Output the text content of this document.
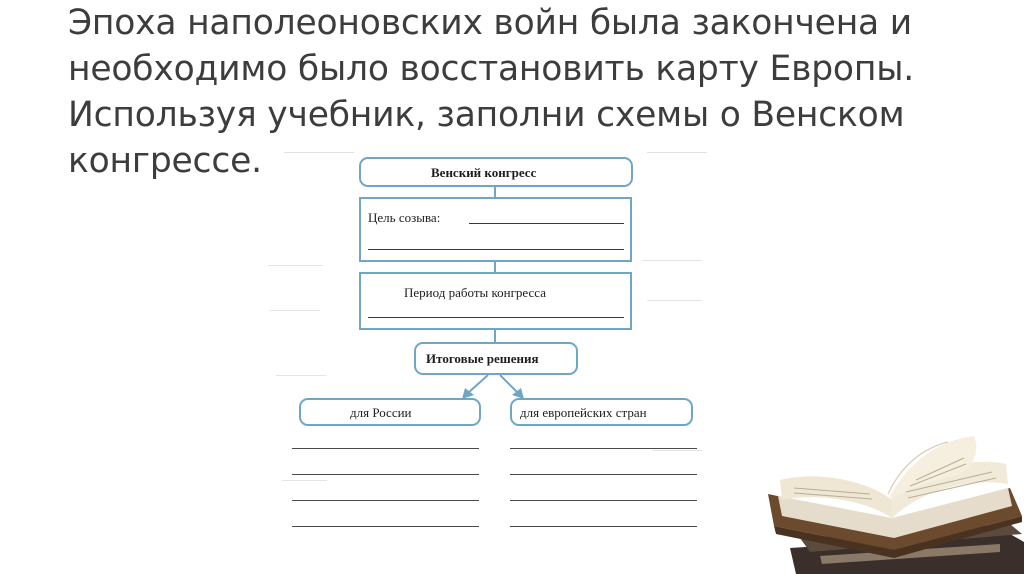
Эпоха наполеоновских войн была закончена и
необходимо было восстановить карту Европы.
Используя учебник, заполни схемы о Венском
конгрессе.	Венский конгресс
Цель созыва:
Период работы конгресса
Итоговые решения
для России	для европейских стран
